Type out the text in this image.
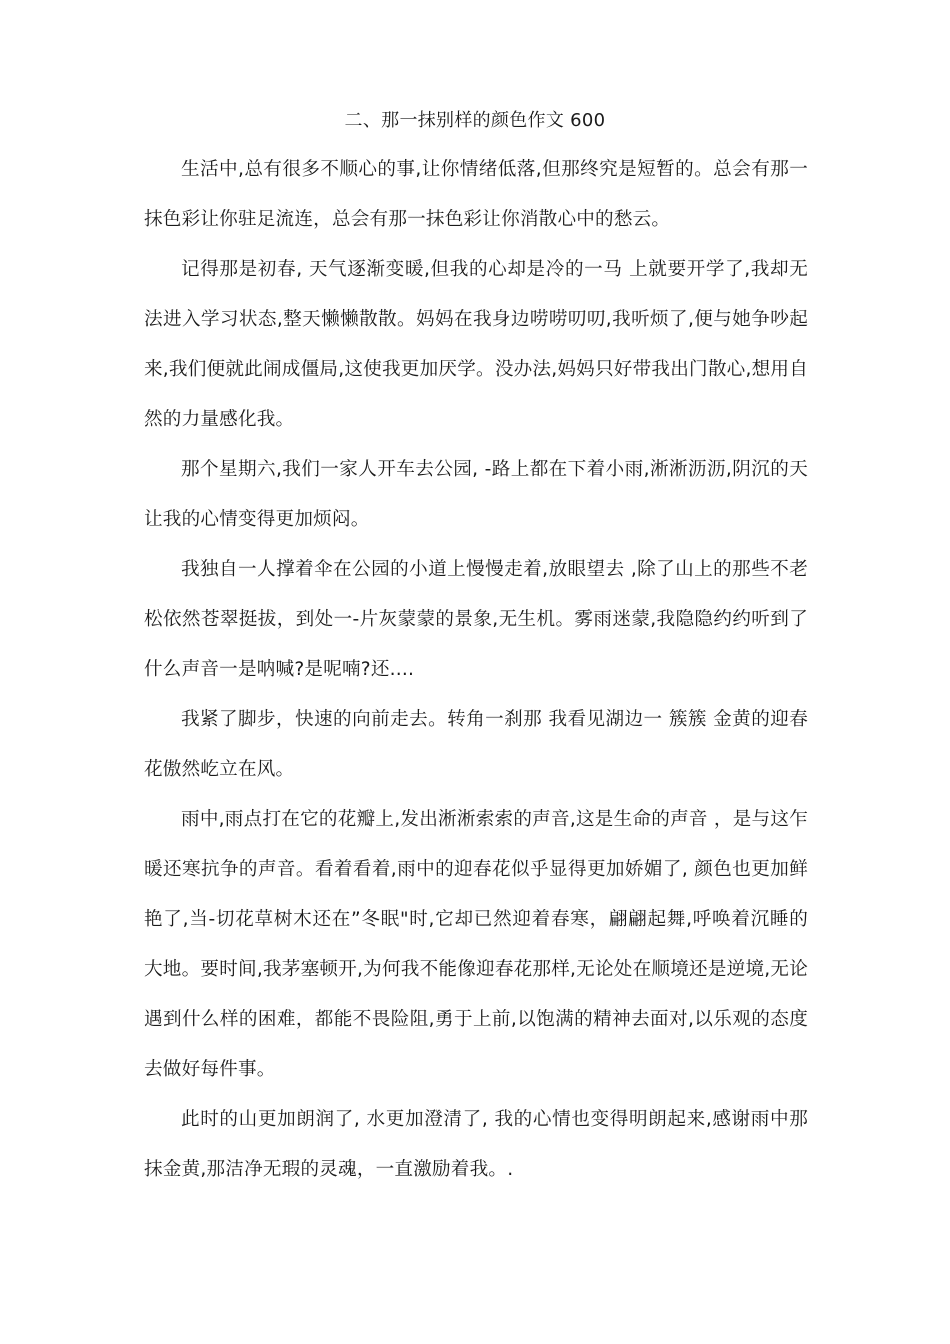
二、那一抹别样的颜色作文 600

生活中,总有很多不顺心的事,让你情绪低落,但那终究是短暂的。总会有那一抹色彩让你驻足流连，总会有那一抹色彩让你消散心中的愁云。

记得那是初春, 天气逐渐变暖,但我的心却是冷的一马 上就要开学了,我却无法进入学习状态,整天懒懒散散。妈妈在我身边唠唠叨叨,我听烦了,便与她争吵起来,我们便就此闹成僵局,这使我更加厌学。没办法,妈妈只好带我出门散心,想用自然的力量感化我。

那个星期六,我们一家人开车去公园, -路上都在下着小雨,淅淅沥沥,阴沉的天让我的心情变得更加烦闷。

我独自一人撑着伞在公园的小道上慢慢走着,放眼望去 ,除了山上的那些不老松依然苍翠挺拔，到处一-片灰蒙蒙的景象,无生机。雾雨迷蒙,我隐隐约约听到了什么声音一是呐喊?是呢喃?还....

我紧了脚步，快速的向前走去。转角一刹那 我看见湖边一 簇簇 金黄的迎春花傲然屹立在风。

雨中,雨点打在它的花瓣上,发出淅淅索索的声音,这是生命的声音 ，是与这乍暖还寒抗争的声音。看着看着,雨中的迎春花似乎显得更加娇媚了, 颜色也更加鲜艳了,当-切花草树木还在”冬眠"时,它却已然迎着春寒，翩翩起舞,呼唤着沉睡的大地。要时间,我茅塞顿开,为何我不能像迎春花那样,无论处在顺境还是逆境,无论遇到什么样的困难，都能不畏险阻,勇于上前,以饱满的精神去面对,以乐观的态度去做好每件事。

此时的山更加朗润了, 水更加澄清了, 我的心情也变得明朗起来,感谢雨中那抹金黄,那洁净无瑕的灵魂，一直激励着我。.
